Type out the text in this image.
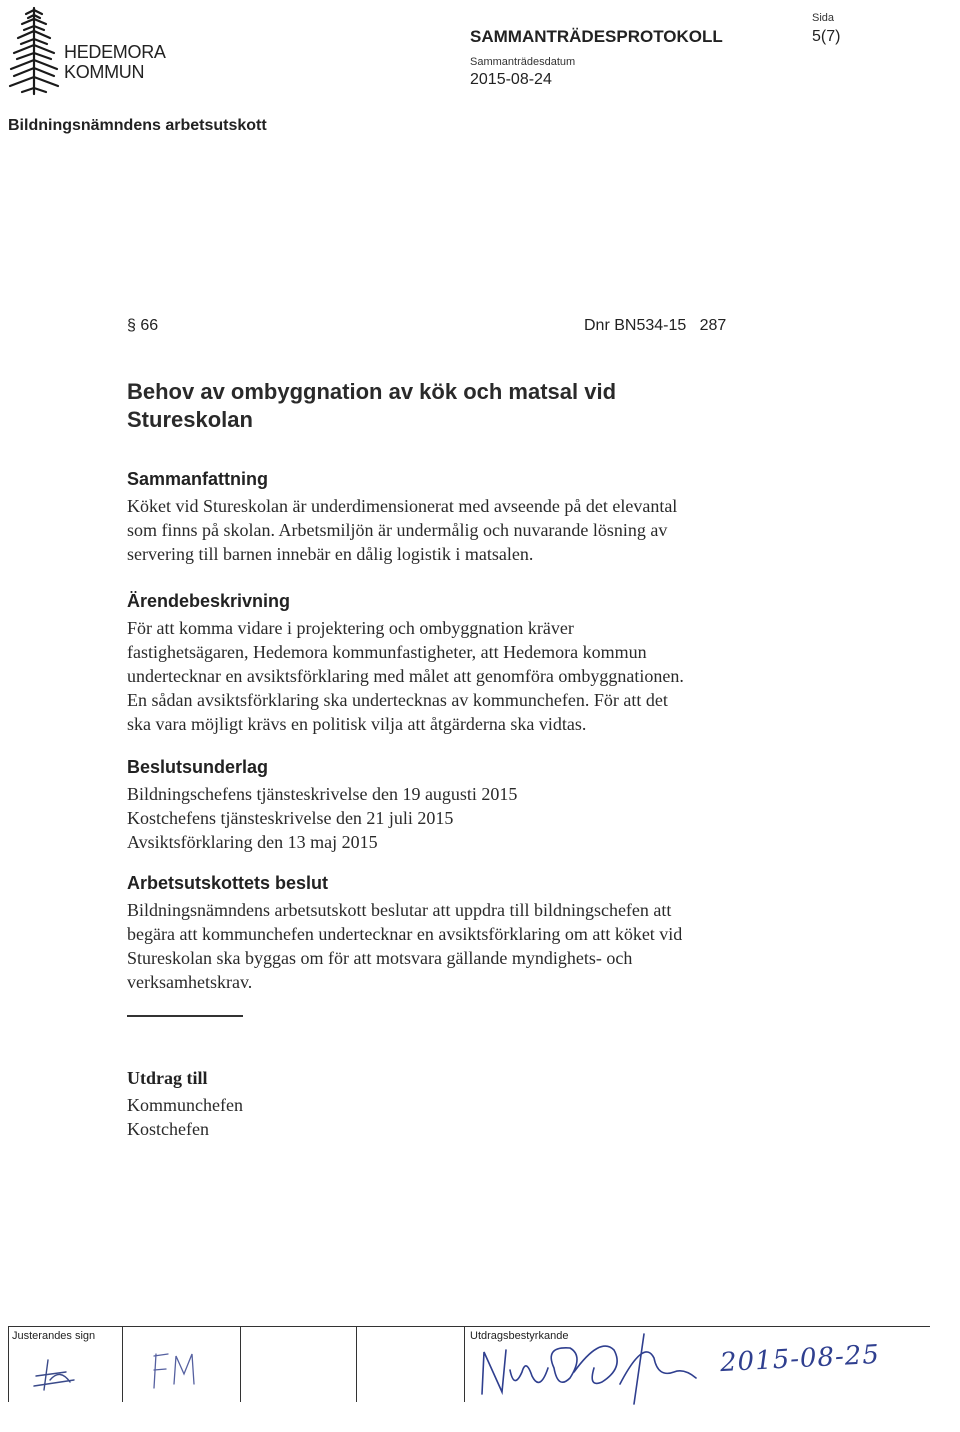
HEDEMORA
KOMMUN
SAMMANTRÄDESPROTOKOLL
Sammanträdesdatum
2015-08-24
Sida
5(7)
Bildningsnämndens arbetsutskott
§ 66	Dnr BN534-15   287
Behov av ombyggnation av kök och matsal vid
Stureskolan
Sammanfattning
Köket vid Stureskolan är underdimensionerat med avseende på det elevantal
som finns på skolan. Arbetsmiljön är undermålig och nuvarande lösning av
servering till barnen innebär en dålig logistik i matsalen.
Ärendebeskrivning
För att komma vidare i projektering och ombyggnation kräver
fastighetsägaren, Hedemora kommunfastigheter, att Hedemora kommun
undertecknar en avsiktsförklaring med målet att genomföra ombyggnationen.
En sådan avsiktsförklaring ska undertecknas av kommunchefen. För att det
ska vara möjligt krävs en politisk vilja att åtgärderna ska vidtas.
Beslutsunderlag
Bildningschefens tjänsteskrivelse den 19 augusti 2015
Kostchefens tjänsteskrivelse den 21 juli 2015
Avsiktsförklaring den 13 maj 2015
Arbetsutskottets beslut
Bildningsnämndens arbetsutskott beslutar att uppdra till bildningschefen att
begära att kommunchefen undertecknar en avsiktsförklaring om att köket vid
Stureskolan ska byggas om för att motsvara gällande myndighets- och
verksamhetskrav.
Utdrag till
Kommunchefen
Kostchefen
Justerandes sign	Utdragsbestyrkande
2015-08-25
